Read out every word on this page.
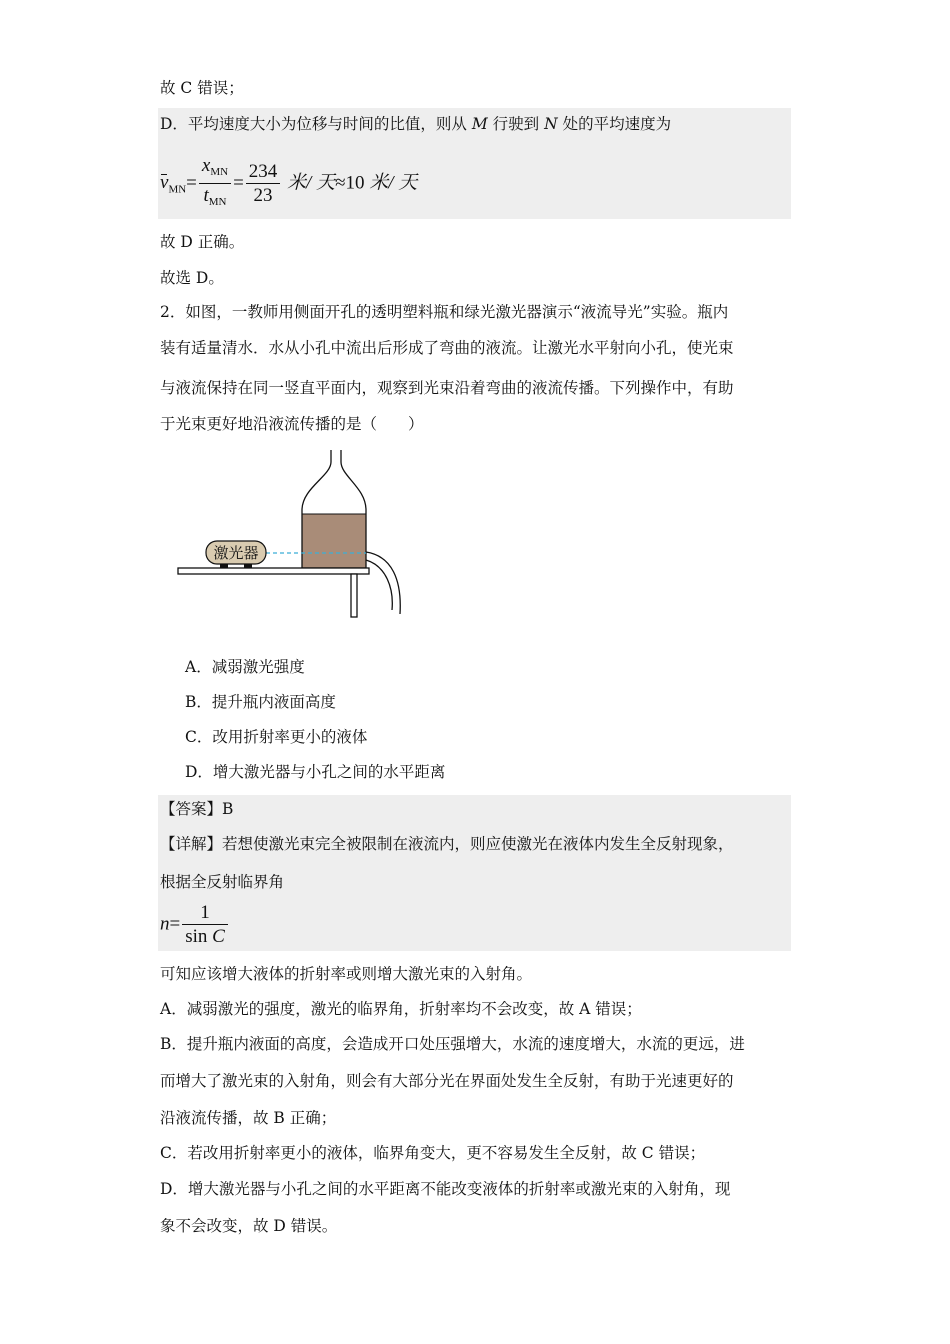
故 C 错误；
D．平均速度大小为位移与时间的比值，则从 M 行驶到 N 处的平均速度为
$v_{MN}= \frac{x_{MN}}{t_{MN}} = \frac{234}{23}$ 米/ 天≈10 米/ 天
故 D 正确。
故选 D。
2．如图，一教师用侧面开孔的透明塑料瓶和绿光激光器演示“液流导光”实验。瓶内
装有适量清水．水从小孔中流出后形成了弯曲的液流。让激光水平射向小孔，使光束
与液流保持在同一竖直平面内，观察到光束沿着弯曲的液流传播。下列操作中，有助
于光束更好地沿液流传播的是（　　）
激光器
A．减弱激光强度
B．提升瓶内液面高度
C．改用折射率更小的液体
D．增大激光器与小孔之间的水平距离
【答案】B
【详解】若想使激光束完全被限制在液流内，则应使激光在液体内发生全反射现象，
根据全反射临界角
$n= \frac{1}{\text{sin C}}$
可知应该增大液体的折射率或则增大激光束的入射角。
A．减弱激光的强度，激光的临界角，折射率均不会改变，故 A 错误；
B．提升瓶内液面的高度，会造成开口处压强增大，水流的速度增大，水流的更远，进
而增大了激光束的入射角，则会有大部分光在界面处发生全反射，有助于光速更好的
沿液流传播，故 B 正确；
C．若改用折射率更小的液体，临界角变大，更不容易发生全反射，故 C 错误；
D．增大激光器与小孔之间的水平距离不能改变液体的折射率或激光束的入射角，现
象不会改变，故 D 错误。
